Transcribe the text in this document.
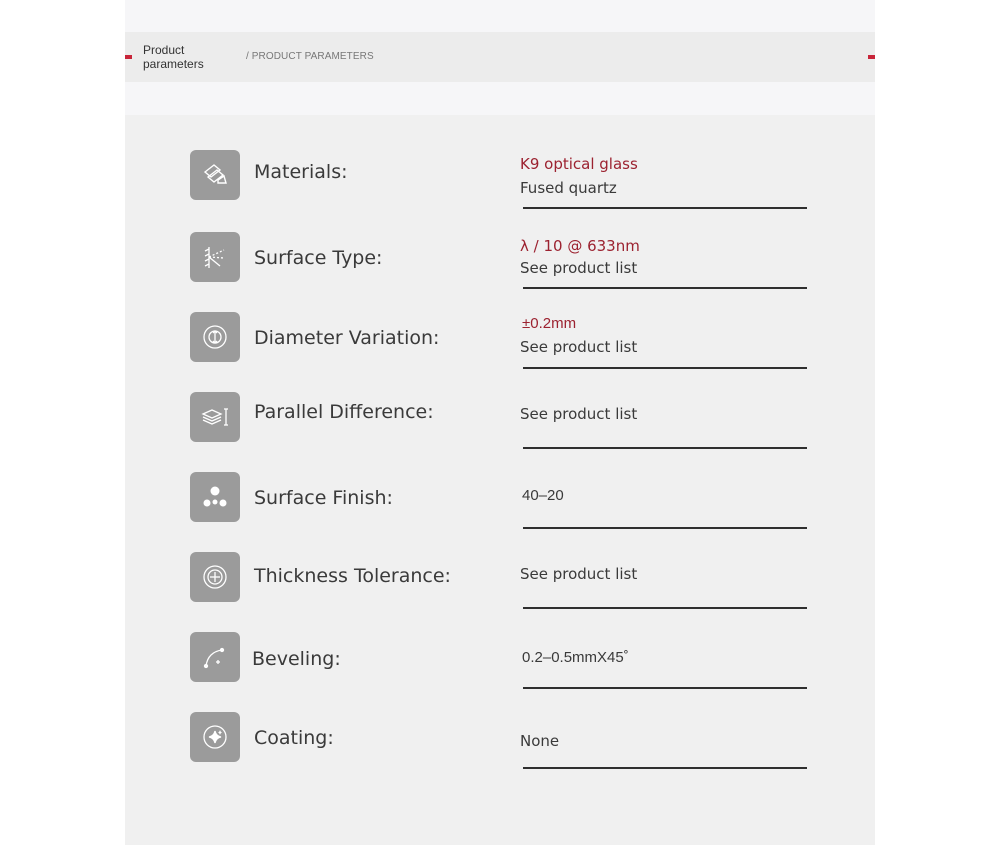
Product parameters
/ PRODUCT PARAMETERS
Materials:	K9 optical glass
Fused quartz
Surface Type:
λ / 10 @ 633nm
See product list
Diameter Variation:
±0.2mm
See product list
Parallel Difference:	See product list
Surface Finish:	40–20
Thickness Tolerance:	See product list
Beveling:	0.2–0.5mmX45˚
Coating:	None
